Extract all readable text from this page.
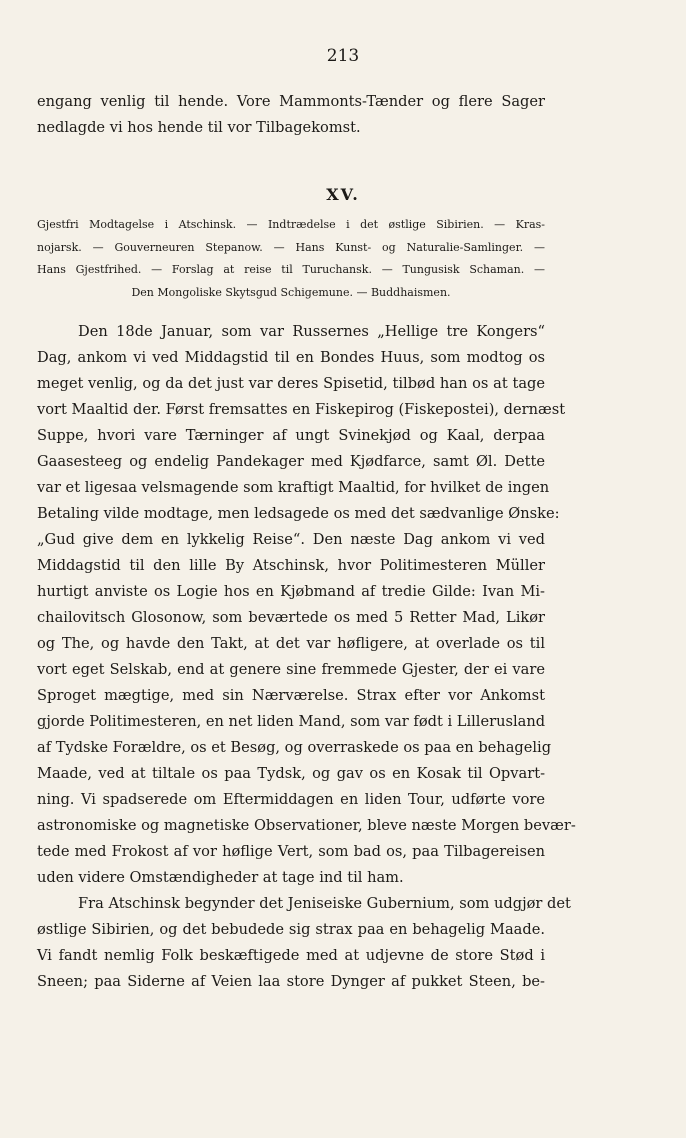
213
engang venlig til hende. Vore Mammonts-Tænder og flere Sager
nedlagde vi hos hende til vor Tilbagekomst.
XV.
Gjestfri Modtagelse i Atschinsk. — Indtrædelse i det østlige Sibirien. — Kras-
nojarsk. — Gouverneuren Stepanow. — Hans Kunst- og Naturalie-Samlinger. —
Hans Gjestfrihed. — Forslag at reise til Turuchansk. — Tungusisk Schaman. —
Den Mongoliske Skytsgud Schigemune. — Buddhaismen.
Den 18de Januar, som var Russernes „Hellige tre Kongers“
Dag, ankom vi ved Middagstid til en Bondes Huus, som modtog os
meget venlig, og da det just var deres Spisetid, tilbød han os at tage
vort Maaltid der. Først fremsattes en Fiskepirog (Fiskepostei), dernæst
Suppe, hvori vare Tærninger af ungt Svinekjød og Kaal, derpaa
Gaasesteeg og endelig Pandekager med Kjødfarce, samt Øl. Dette
var et ligesaa velsmagende som kraftigt Maaltid, for hvilket de ingen
Betaling vilde modtage, men ledsagede os med det sædvanlige Ønske:
„Gud give dem en lykkelig Reise“. Den næste Dag ankom vi ved
Middagstid til den lille By Atschinsk, hvor Politimesteren Müller
hurtigt anviste os Logie hos en Kjøbmand af tredie Gilde: Ivan Mi-
chailovitsch Glosonow, som beværtede os med 5 Retter Mad, Likør
og The, og havde den Takt, at det var høfligere, at overlade os til
vort eget Selskab, end at genere sine fremmede Gjester, der ei vare
Sproget mægtige, med sin Nærværelse. Strax efter vor Ankomst
gjorde Politimesteren, en net liden Mand, som var født i Lillerusland
af Tydske Forældre, os et Besøg, og overraskede os paa en behagelig
Maade, ved at tiltale os paa Tydsk, og gav os en Kosak til Opvart-
ning. Vi spadserede om Eftermiddagen en liden Tour, udførte vore
astronomiske og magnetiske Observationer, bleve næste Morgen bevær-
tede med Frokost af vor høflige Vert, som bad os, paa Tilbagereisen
uden videre Omstændigheder at tage ind til ham.
Fra Atschinsk begynder det Jeniseiske Gubernium, som udgjør det
østlige Sibirien, og det bebudede sig strax paa en behagelig Maade.
Vi fandt nemlig Folk beskæftigede med at udjevne de store Stød i
Sneen; paa Siderne af Veien laa store Dynger af pukket Steen, be-
